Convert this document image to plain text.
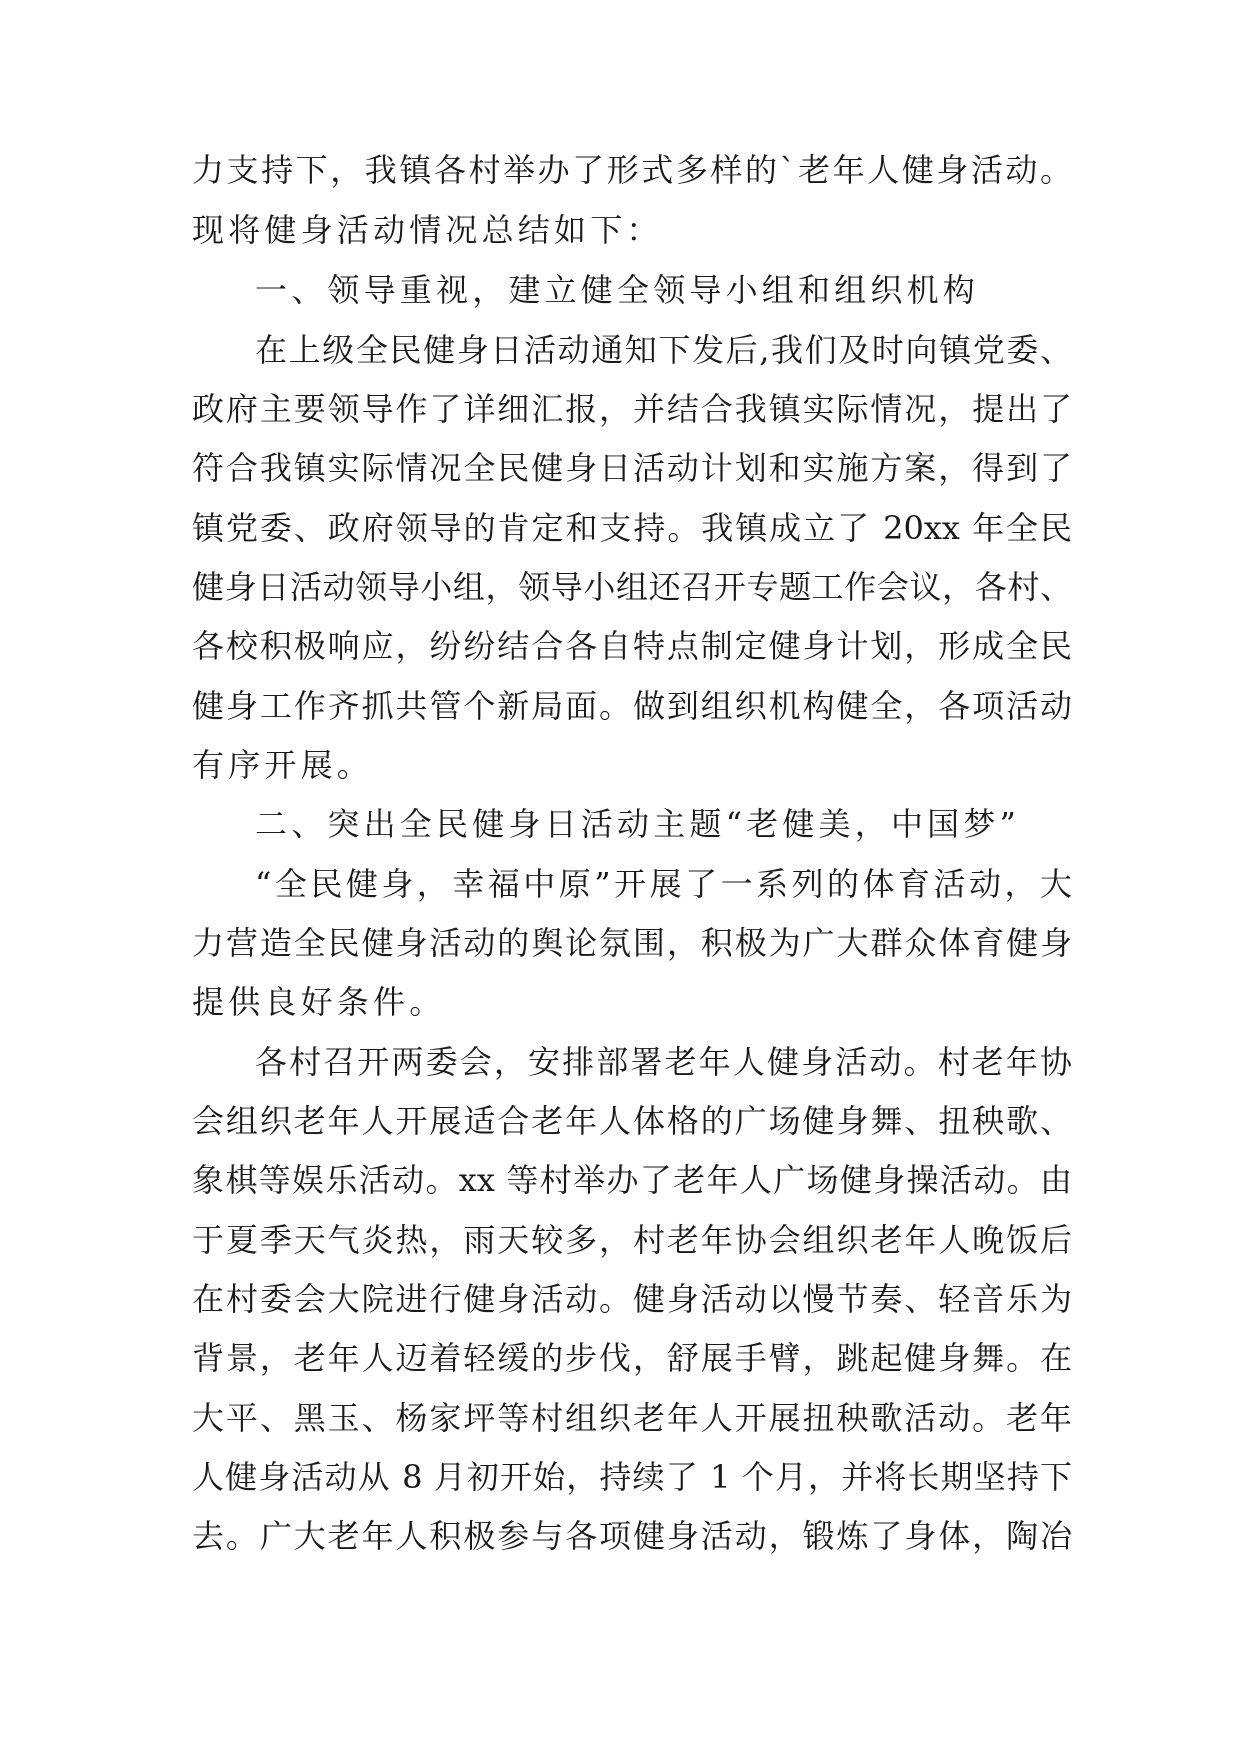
力支持下，我镇各村举办了形式多样的`老年人健身活动。
现将健身活动情况总结如下：
一、领导重视，建立健全领导小组和组织机构
在上级全民健身日活动通知下发后,我们及时向镇党委、
政府主要领导作了详细汇报，并结合我镇实际情况，提出了
符合我镇实际情况全民健身日活动计划和实施方案，得到了
镇党委、政府领导的肯定和支持。我镇成立了 20xx 年全民
健身日活动领导小组，领导小组还召开专题工作会议，各村、
各校积极响应，纷纷结合各自特点制定健身计划，形成全民
健身工作齐抓共管个新局面。做到组织机构健全，各项活动
有序开展。
二、突出全民健身日活动主题“老健美，中国梦”
“全民健身，幸福中原”开展了一系列的体育活动，大
力营造全民健身活动的舆论氛围，积极为广大群众体育健身
提供良好条件。
各村召开两委会，安排部署老年人健身活动。村老年协
会组织老年人开展适合老年人体格的广场健身舞、扭秧歌、
象棋等娱乐活动。xx 等村举办了老年人广场健身操活动。由
于夏季天气炎热，雨天较多，村老年协会组织老年人晚饭后
在村委会大院进行健身活动。健身活动以慢节奏、轻音乐为
背景，老年人迈着轻缓的步伐，舒展手臂，跳起健身舞。在
大平、黑玉、杨家坪等村组织老年人开展扭秧歌活动。老年
人健身活动从 8 月初开始，持续了 1 个月，并将长期坚持下
去。广大老年人积极参与各项健身活动，锻炼了身体，陶冶
